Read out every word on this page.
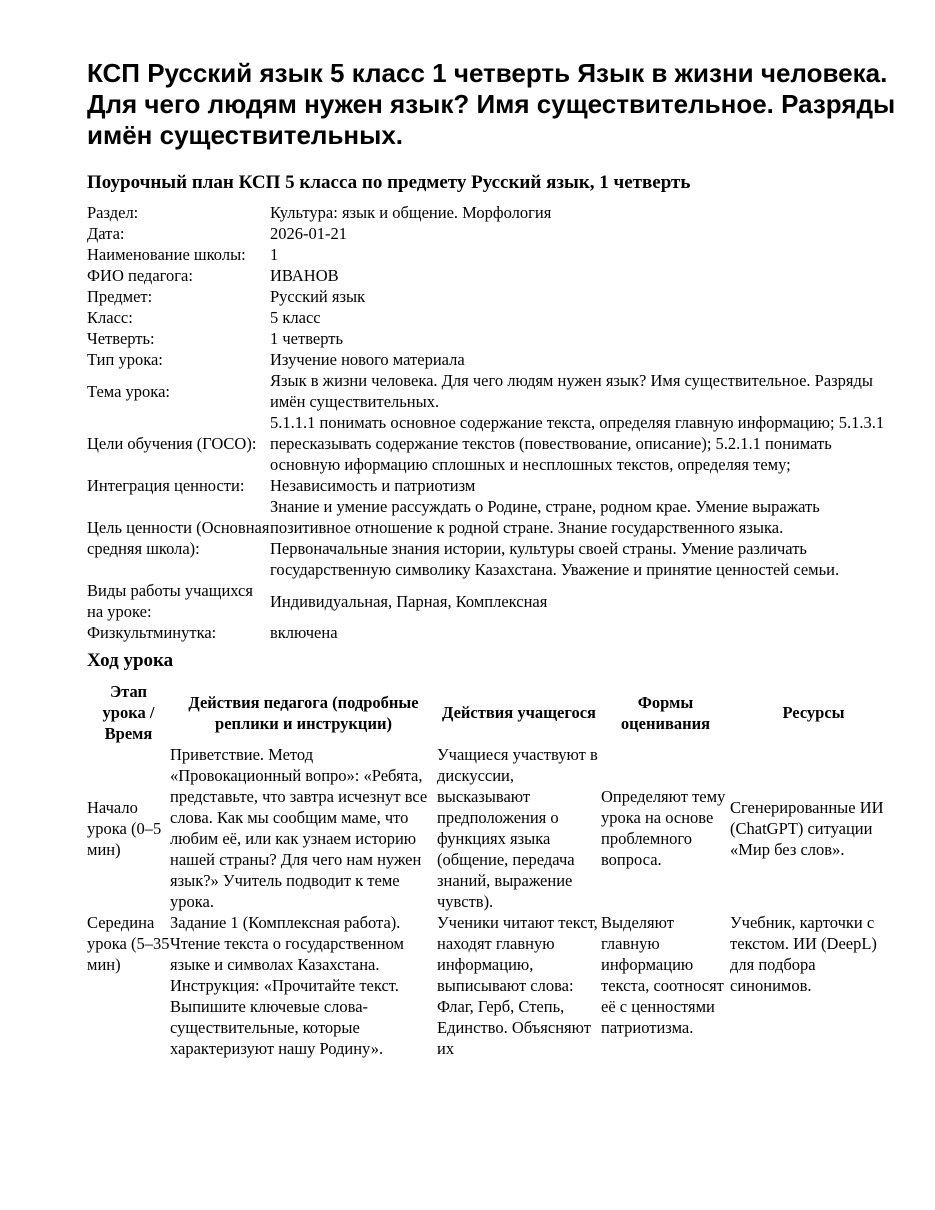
КСП Русский язык 5 класс 1 четверть Язык в жизни человека. Для чего людям нужен язык? Имя существительное. Разряды имён существительных.
Поурочный план КСП 5 класса по предмету Русский язык, 1 четверть
Раздел:	Культура: язык и общение. Морфология
Дата:	2026-01-21
Наименование школы:	1
ФИО педагога:	ИВАНОВ
Предмет:	Русский язык
Класс:	5 класс
Четверть:	1 четверть
Тип урока:	Изучение нового материала
Тема урока:	Язык в жизни человека. Для чего людям нужен язык? Имя существительное. Разряды имён существительных.
Цели обучения (ГОСО):	5.1.1.1 понимать основное содержание текста, определяя главную информацию; 5.1.3.1 пересказывать содержание текстов (повествование, описание); 5.2.1.1 понимать основную иформацию сплошных и несплошных текстов, определяя тему;
Интеграция ценности:	Независимость и патриотизм
Цель ценности (Основная средняя школа):	Знание и умение рассуждать о Родине, стране, родном крае. Умение выражать позитивное отношение к родной стране. Знание государственного языка. Первоначальные знания истории, культуры своей страны. Умение различать государственную символику Казахстана. Уважение и принятие ценностей семьи.
Виды работы учащихся на уроке:	Индивидуальная, Парная, Комплексная
Физкультминутка:	включена
Ход урока
Этап урока / Время	Действия педагога (подробные реплики и инструкции)	Действия учащегося	Формы оценивания	Ресурсы
Начало урока (0–5 мин)	Приветствие. Метод «Провокационный вопро»: «Ребята, представьте, что завтра исчезнут все слова. Как мы сообщим маме, что любим её, или как узнаем историю нашей страны? Для чего нам нужен язык?» Учитель подводит к теме урока.	Учащиеся участвуют в дискуссии, высказывают предположения о функциях языка (общение, передача знаний, выражение чувств).	Определяют тему урока на основе проблемного вопроса.	Сгенерированные ИИ (ChatGPT) ситуации «Мир без слов».
Середина урока (5–35 мин)	Задание 1 (Комплексная работа). Чтение текста о государственном языке и символах Казахстана. Инструкция: «Прочитайте текст. Выпишите ключевые слова-существительные, которые характеризуют нашу Родину».	Ученики читают текст, находят главную информацию, выписывают слова: Флаг, Герб, Степь, Единство. Объясняют их	Выделяют главную информацию текста, соотносят её с ценностями патриотизма.	Учебник, карточки с текстом. ИИ (DeepL) для подбора синонимов.
